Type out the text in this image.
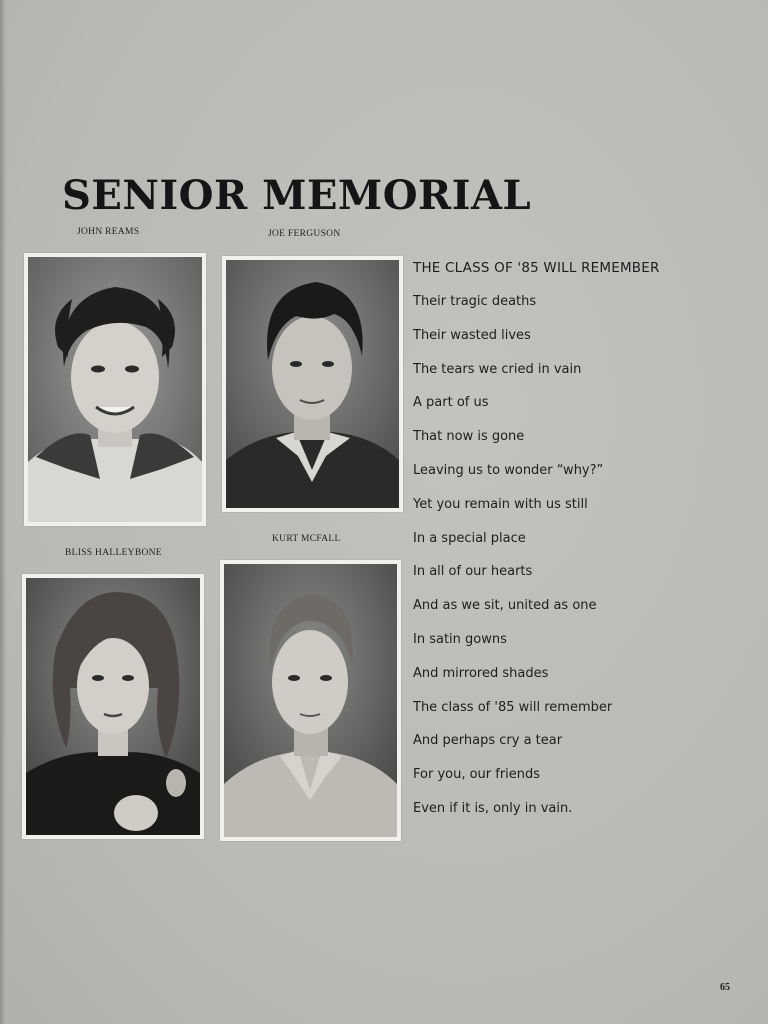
SENIOR MEMORIAL
JOHN REAMS	JOE FERGUSON
BLISS HALLEYBONE
KURT MCFALL
THE CLASS OF '85 WILL REMEMBER
Their tragic deaths
Their wasted lives
The tears we cried in vain
A part of us
That now is gone
Leaving us to wonder “why?”
Yet you remain with us still
In a special place
In all of our hearts
And as we sit, united as one
In satin gowns
And mirrored shades
The class of '85 will remember
And perhaps cry a tear
For you, our friends
Even if it is, only in vain.
65
